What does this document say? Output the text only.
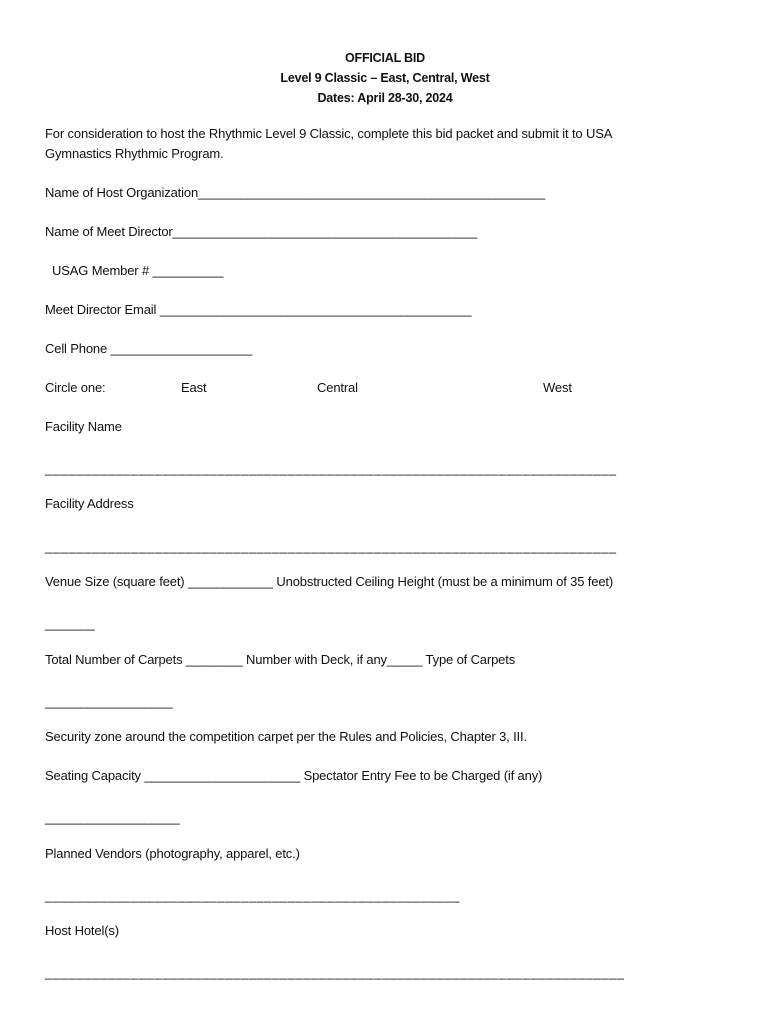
OFFICIAL BID
Level 9 Classic – East, Central, West
Dates: April 28-30, 2024
For consideration to host the Rhythmic Level 9 Classic, complete this bid packet and submit it to USA
Gymnastics Rhythmic Program.
Name of Host Organization_________________________________________________
Name of Meet Director___________________________________________
USAG Member # __________
Meet Director Email ____________________________________________
Cell Phone ____________________
Circle one:	East	Central	West
Facility Name
_________________________________________________________________________
Facility Address
_________________________________________________________________________
Venue Size (square feet) ____________ Unobstructed Ceiling Height (must be a minimum of 35 feet)
_______
Total Number of Carpets ________ Number with Deck, if any_____ Type of Carpets
__________________
Security zone around the competition carpet per the Rules and Policies, Chapter 3, III.
Seating Capacity ______________________ Spectator Entry Fee to be Charged (if any)
___________________
Planned Vendors (photography, apparel, etc.)
_____________________________________________________
Host Hotel(s)
__________________________________________________________________________
